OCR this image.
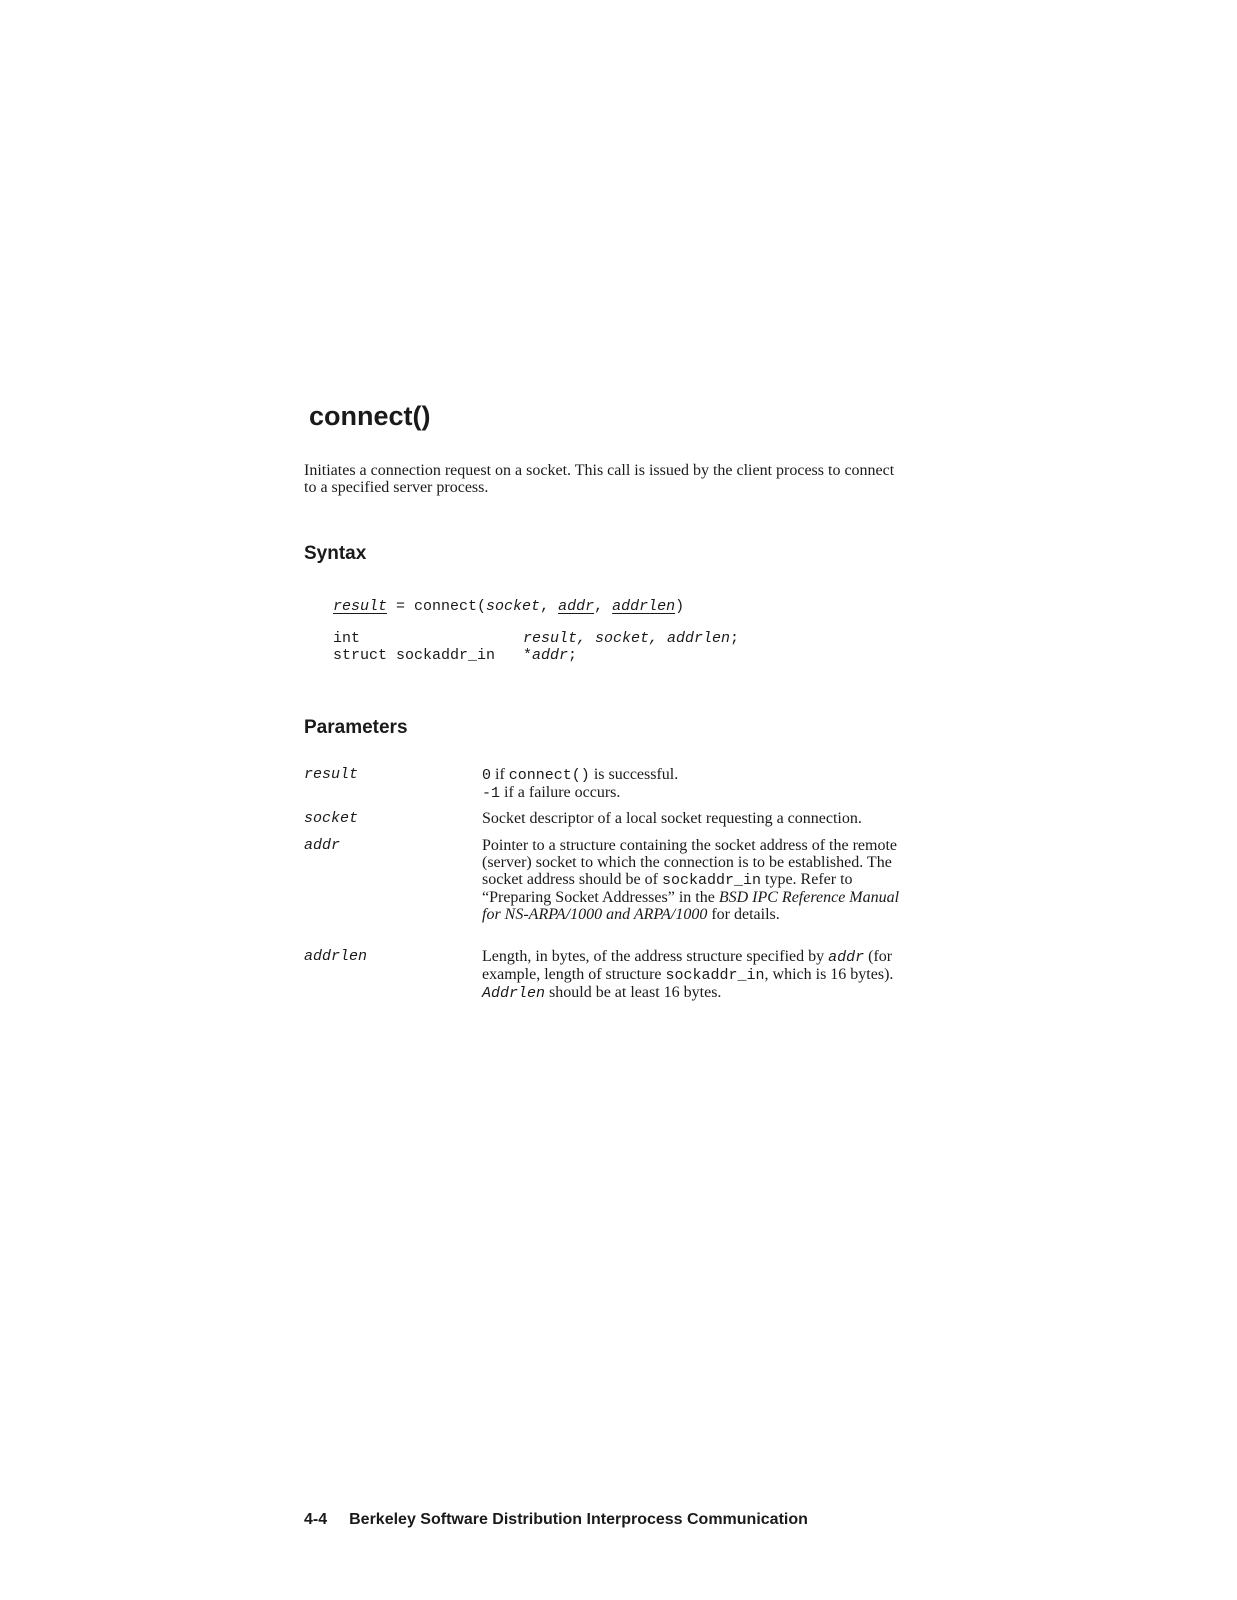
connect()

Initiates a connection request on a socket. This call is issued by the client process to connect to a specified server process.

Syntax
result = connect(socket, addr, addrlen)
int	result, socket, addrlen;
struct sockaddr_in *addr;
Parameters
result	0 if connect() is successful.
-1 if a failure occurs.
socket	Socket descriptor of a local socket requesting a connection.
addr	Pointer to a structure containing the socket address of the remote (server) socket to which the connection is to be established. The socket address should be of sockaddr_in type. Refer to “Preparing Socket Addresses” in the BSD IPC Reference Manual for NS-ARPA/1000 and ARPA/1000 for details.
addrlen	Length, in bytes, of the address structure specified by addr (for example, length of structure sockaddr_in, which is 16 bytes). Addrlen should be at least 16 bytes.
4-4 Berkeley Software Distribution Interprocess Communication
